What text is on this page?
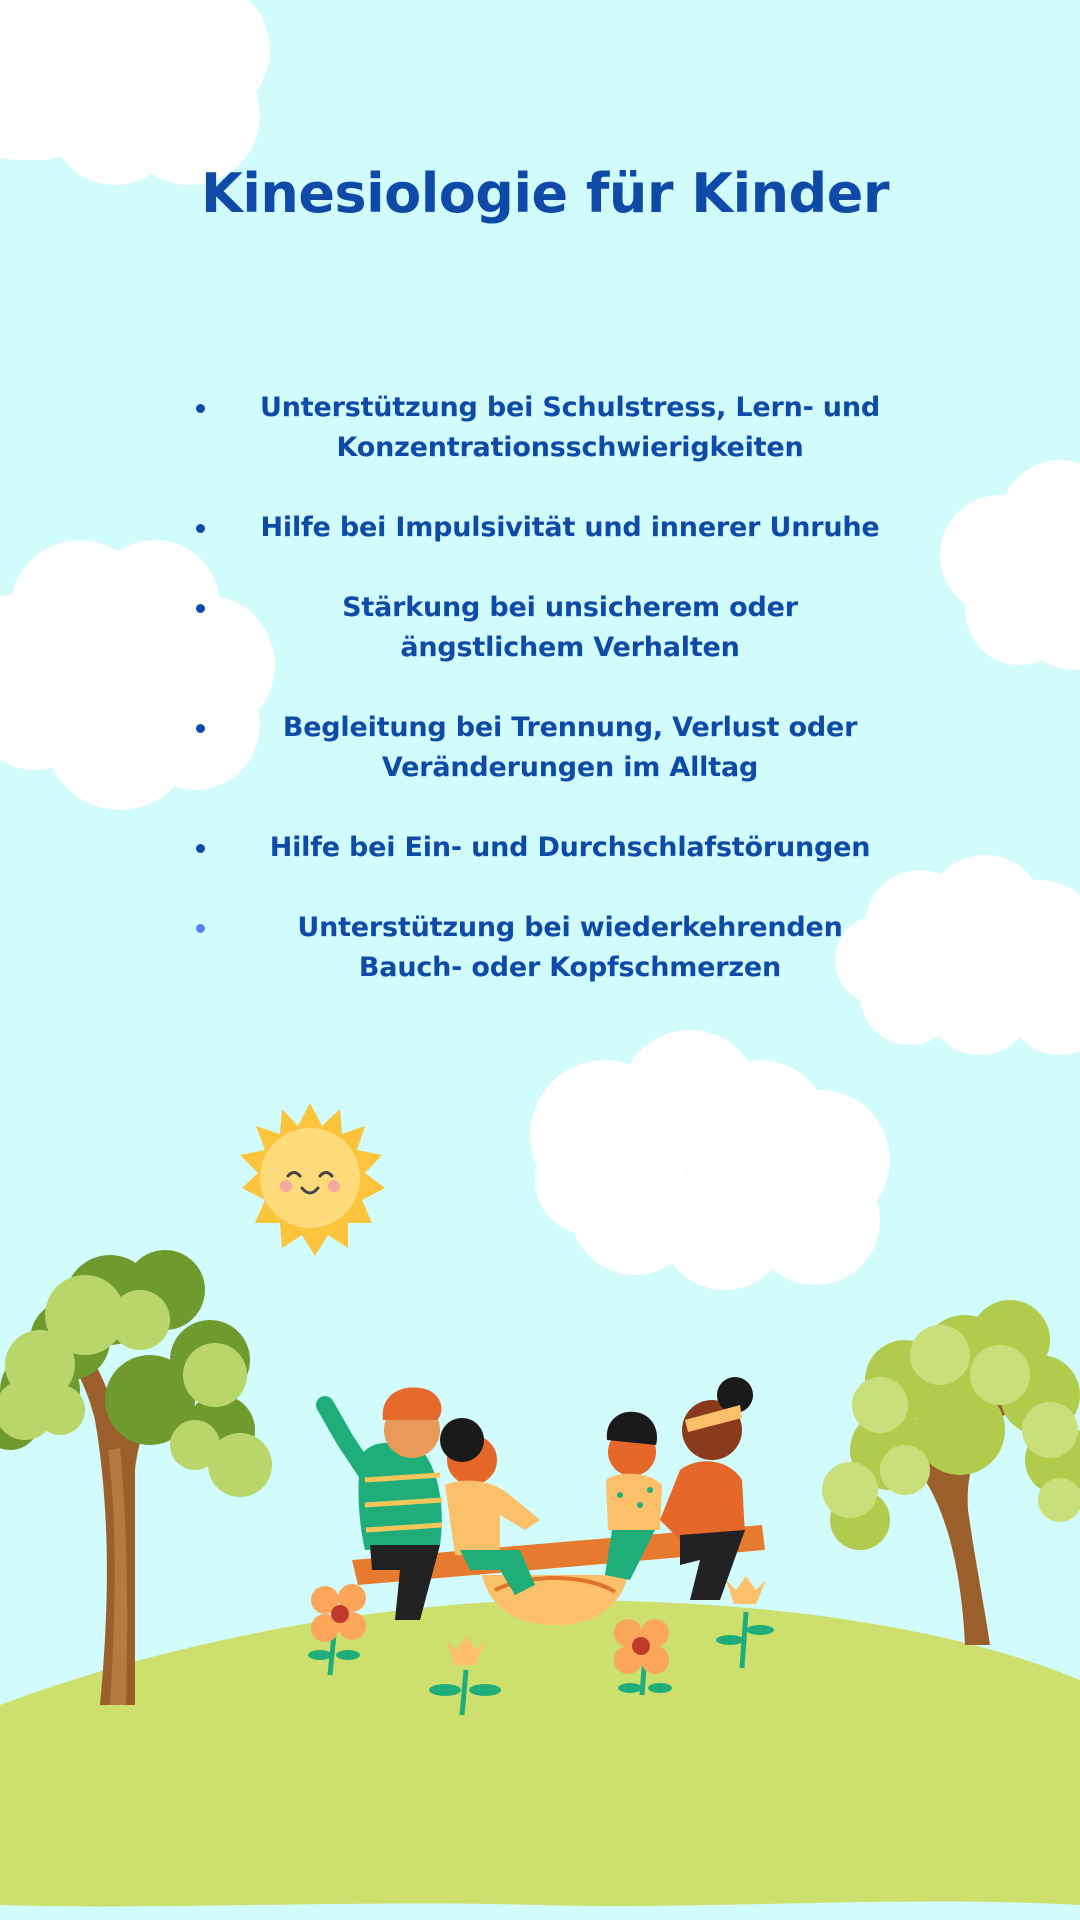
Kinesiologie für Kinder
Unterstützung bei Schulstress, Lern- und Konzentrationsschwierigkeiten
Hilfe bei Impulsivität und innerer Unruhe
Stärkung bei unsicherem oder ängstlichem Verhalten
Begleitung bei Trennung, Verlust oder Veränderungen im Alltag
Hilfe bei Ein- und Durchschlafstörungen
Unterstützung bei wiederkehrenden Bauch- oder Kopfschmerzen
